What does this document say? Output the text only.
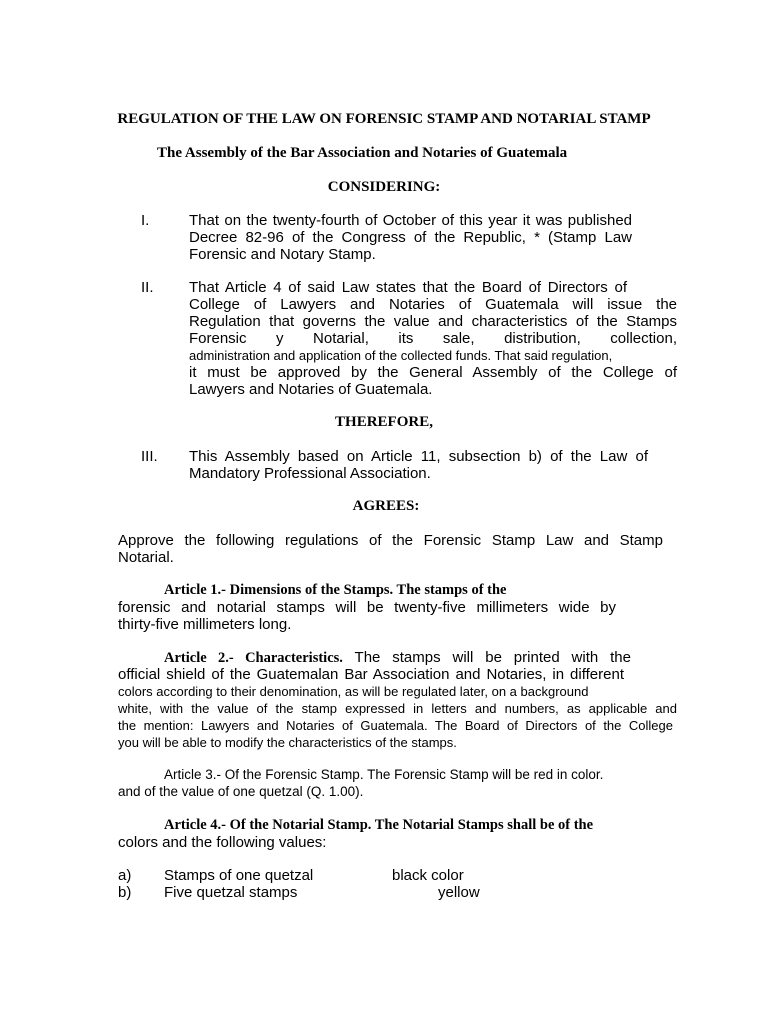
REGULATION OF THE LAW ON FORENSIC STAMP AND NOTARIAL STAMP
The Assembly of the Bar Association and Notaries of Guatemala
CONSIDERING:
I.	That on the twenty-fourth of October of this year it was published
Decree 82-96 of the Congress of the Republic, * (Stamp Law
Forensic and Notary Stamp.
II. That Article 4 of said Law states that the Board of Directors of
College of Lawyers and Notaries of Guatemala will issue the
Regulation that governs the value and characteristics of the Stamps
Forensic y Notarial, its sale, distribution, collection,
administration and application of the collected funds. That said regulation,
it must be approved by the General Assembly of the College of
Lawyers and Notaries of Guatemala.
THEREFORE,
III. This Assembly based on Article 11, subsection b) of the Law of
Mandatory Professional Association.
AGREES:
Approve the following regulations of the Forensic Stamp Law and Stamp
Notarial.
Article 1.- Dimensions of the Stamps. The stamps of the
forensic and notarial stamps will be twenty-five millimeters wide by
thirty-five millimeters long.
Article 2.- Characteristics. The stamps will be printed with the
official shield of the Guatemalan Bar Association and Notaries, in different
colors according to their denomination, as will be regulated later, on a background
white, with the value of the stamp expressed in letters and numbers, as applicable and
the mention: Lawyers and Notaries of Guatemala. The Board of Directors of the College
you will be able to modify the characteristics of the stamps.
Article 3.- Of the Forensic Stamp. The Forensic Stamp will be red in color.
and of the value of one quetzal (Q. 1.00).
Article 4.- Of the Notarial Stamp. The Notarial Stamps shall be of the
colors and the following values:
a) Stamps of one quetzal	black color
b) Five quetzal stamps	yellow
